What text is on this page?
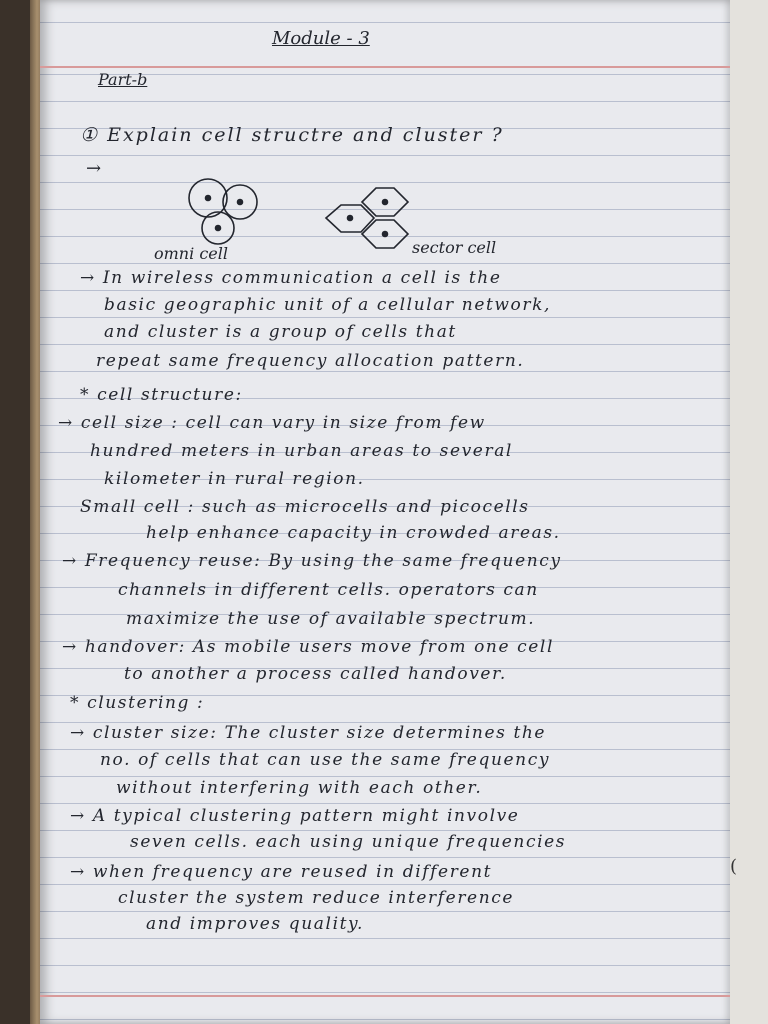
Module - 3
Part-b
① Explain cell structre and cluster ?
→
omni cell	sector cell
→ In wireless communication a cell is the
basic geographic unit of a cellular network,
and cluster is a group of cells that
repeat same frequency allocation pattern.
* cell structure:
→ cell size : cell can vary in size from few
hundred meters in urban areas to several
kilometer in rural region.
Small cell : such as microcells and picocells
help enhance capacity in crowded areas.
→ Frequency reuse: By using the same frequency
channels in different cells. operators can
maximize the use of available spectrum.
→ handover: As mobile users move from one cell
to another a process called handover.
* clustering :
→ cluster size: The cluster size determines the
no. of cells that can use the same frequency
without interfering with each other.
→ A typical clustering pattern might involve
seven cells. each using unique frequencies
→ when frequency are reused in different
cluster the system reduce interference
and improves quality.
(
